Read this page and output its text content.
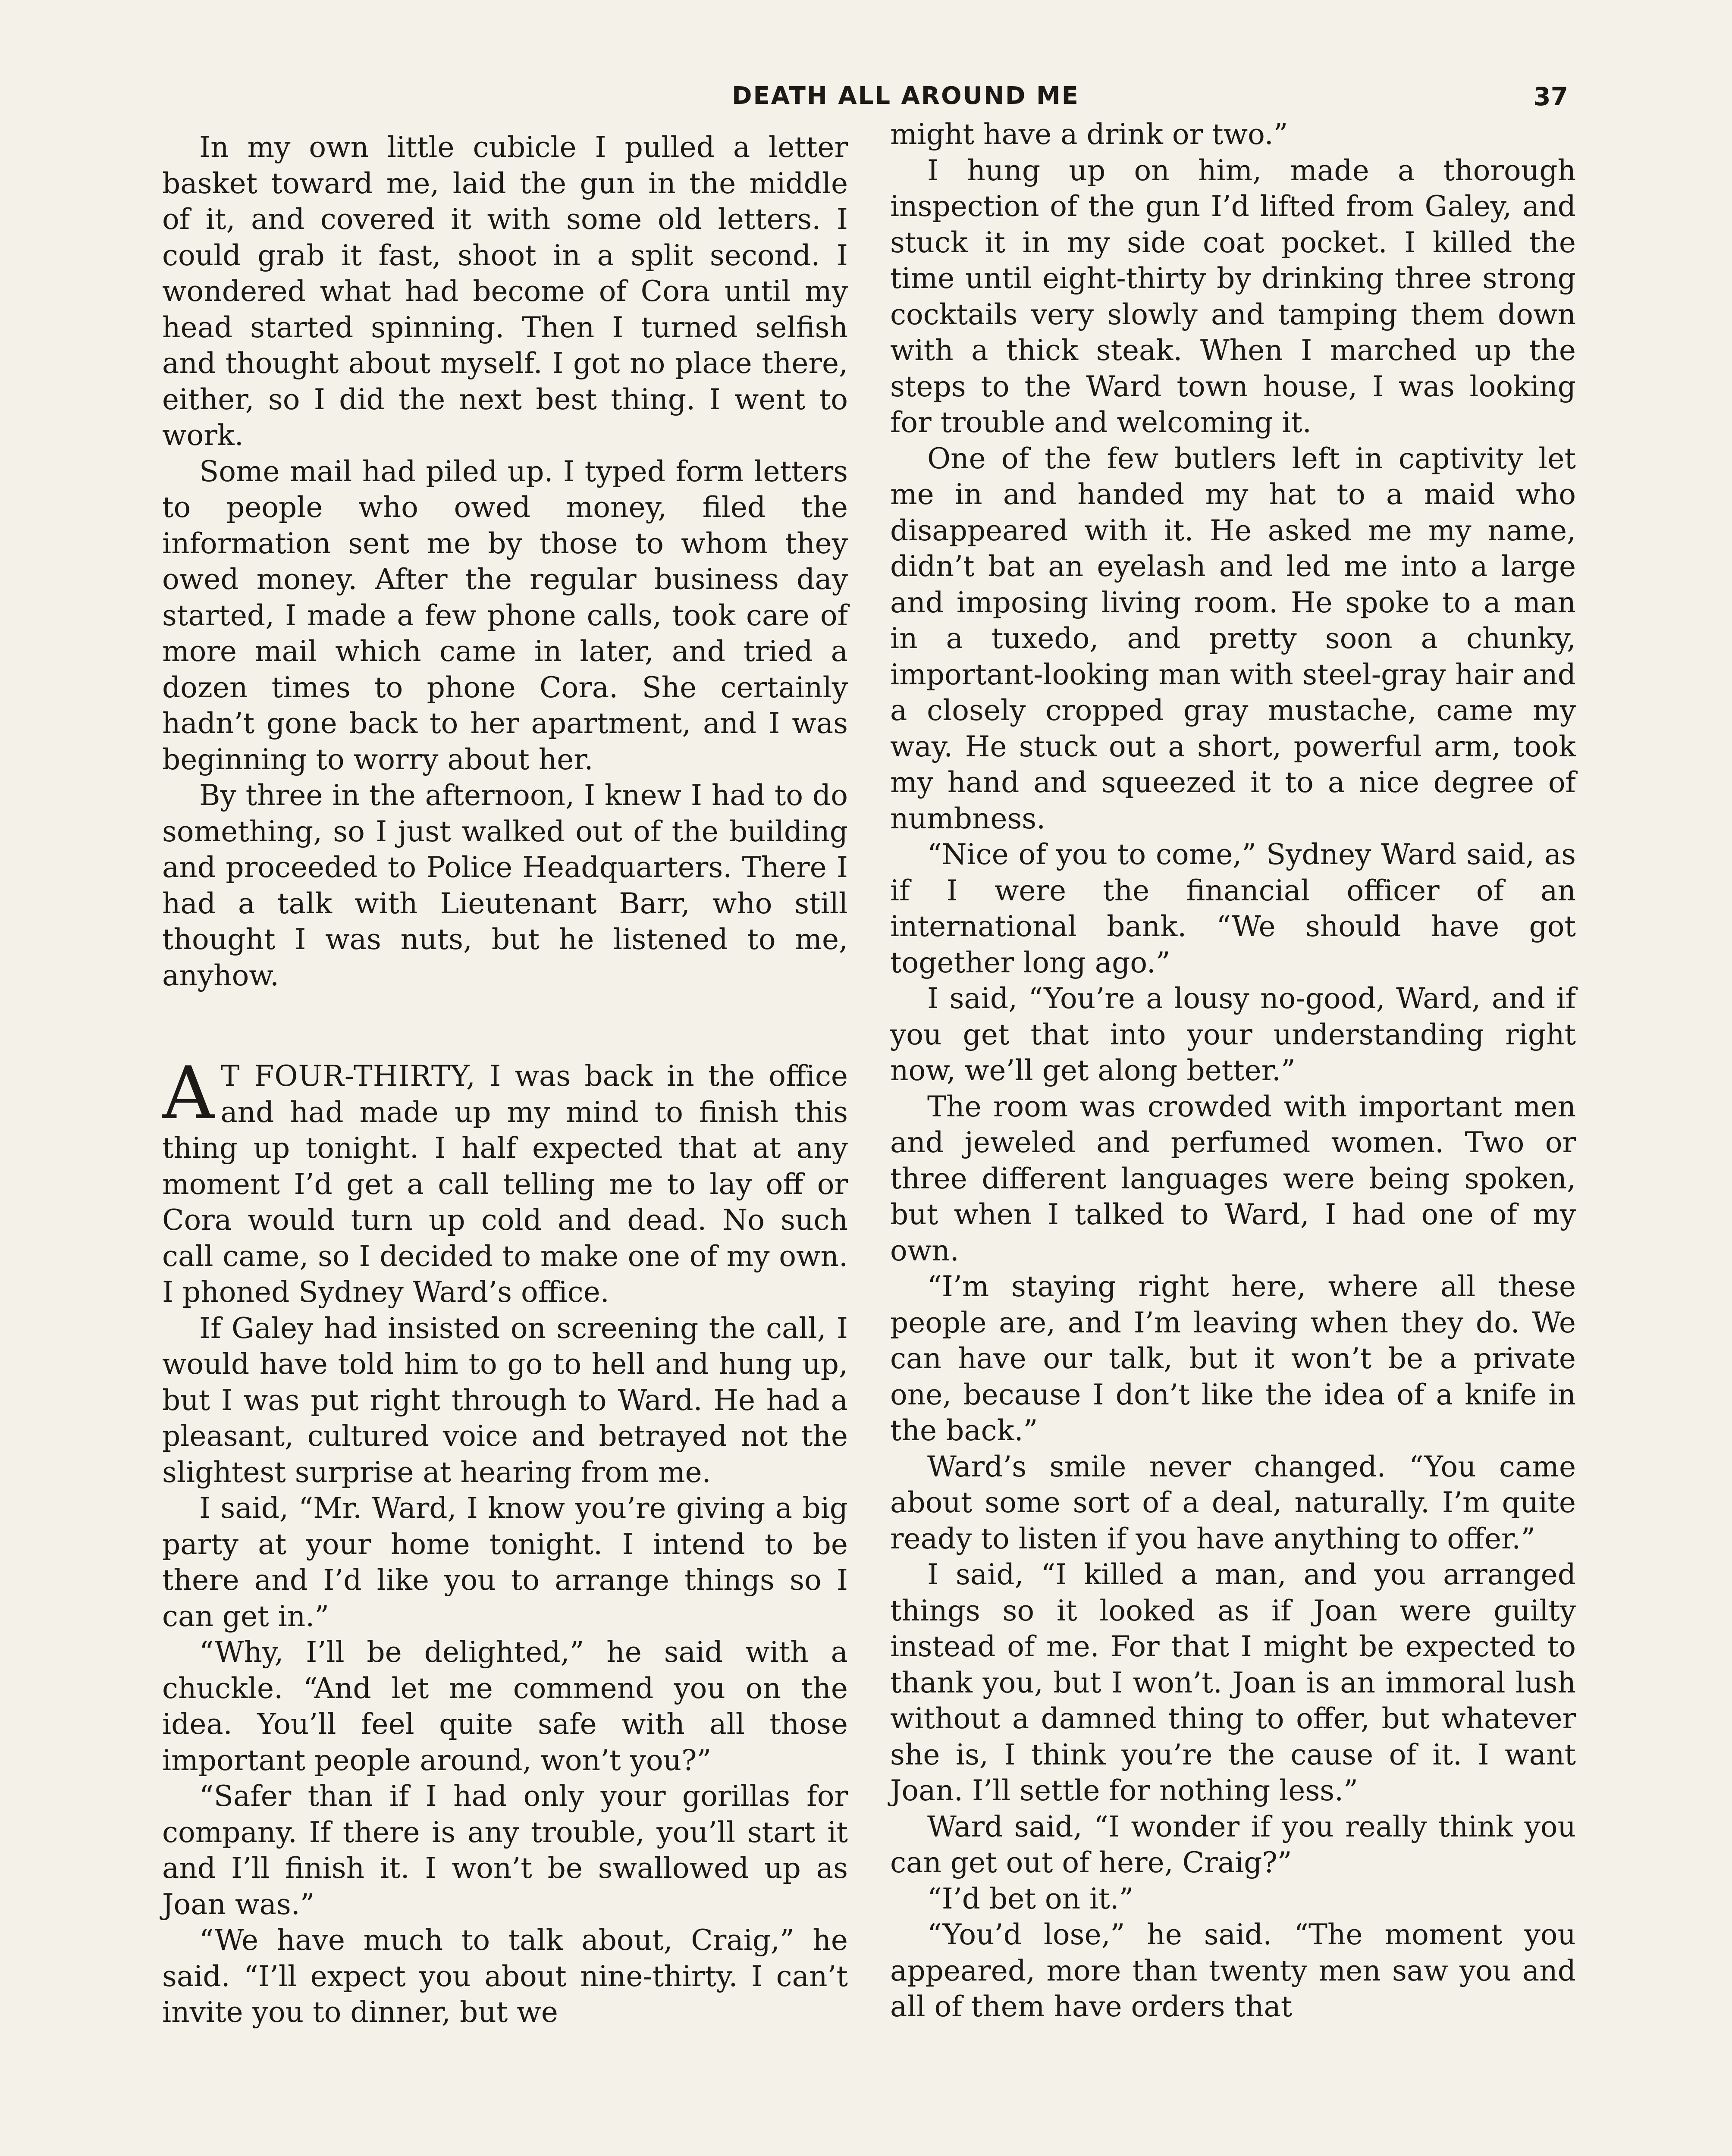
DEATH ALL AROUND ME	37

In my own little cubicle I pulled a letter basket toward me, laid the gun in the middle of it, and covered it with some old letters. I could grab it fast, shoot in a split second. I wondered what had become of Cora until my head started spinning. Then I turned selfish and thought about myself. I got no place there, either, so I did the next best thing. I went to work.

Some mail had piled up. I typed form letters to people who owed money, filed the information sent me by those to whom they owed money. After the regular business day started, I made a few phone calls, took care of more mail which came in later, and tried a dozen times to phone Cora. She certainly hadn’t gone back to her apartment, and I was beginning to worry about her.

By three in the afternoon, I knew I had to do something, so I just walked out of the building and proceeded to Police Headquarters. There I had a talk with Lieutenant Barr, who still thought I was nuts, but he listened to me, anyhow.

A T FOUR-THIRTY, I was back in the office and had made up my mind to finish this thing up tonight. I half expected that at any moment I’d get a call telling me to lay off or Cora would turn up cold and dead. No such call came, so I decided to make one of my own. I phoned Sydney Ward’s office.

If Galey had insisted on screening the call, I would have told him to go to hell and hung up, but I was put right through to Ward. He had a pleasant, cultured voice and betrayed not the slightest surprise at hearing from me.

I said, “Mr. Ward, I know you’re giving a big party at your home tonight. I intend to be there and I’d like you to arrange things so I can get in.”

“Why, I’ll be delighted,” he said with a chuckle. “And let me commend you on the idea. You’ll feel quite safe with all those important people around, won’t you?”

“Safer than if I had only your gorillas for company. If there is any trouble, you’ll start it and I’ll finish it. I won’t be swallowed up as Joan was.”

“We have much to talk about, Craig,” he said. “I’ll expect you about nine-thirty. I can’t invite you to dinner, but we

might have a drink or two.”

I hung up on him, made a thorough inspection of the gun I’d lifted from Galey, and stuck it in my side coat pocket. I killed the time until eight-thirty by drinking three strong cocktails very slowly and tamping them down with a thick steak. When I marched up the steps to the Ward town house, I was looking for trouble and welcoming it.

One of the few butlers left in captivity let me in and handed my hat to a maid who disappeared with it. He asked me my name, didn’t bat an eyelash and led me into a large and imposing living room. He spoke to a man in a tuxedo, and pretty soon a chunky, important-looking man with steel-gray hair and a closely cropped gray mustache, came my way. He stuck out a short, powerful arm, took my hand and squeezed it to a nice degree of numbness.

“Nice of you to come,” Sydney Ward said, as if I were the financial officer of an international bank. “We should have got together long ago.”

I said, “You’re a lousy no-good, Ward, and if you get that into your understanding right now, we’ll get along better.”

The room was crowded with important men and jeweled and perfumed women. Two or three different languages were being spoken, but when I talked to Ward, I had one of my own.

“I’m staying right here, where all these people are, and I’m leaving when they do. We can have our talk, but it won’t be a private one, because I don’t like the idea of a knife in the back.”

Ward’s smile never changed. “You came about some sort of a deal, naturally. I’m quite ready to listen if you have anything to offer.”

I said, “I killed a man, and you arranged things so it looked as if Joan were guilty instead of me. For that I might be expected to thank you, but I won’t. Joan is an immoral lush without a damned thing to offer, but whatever she is, I think you’re the cause of it. I want Joan. I’ll settle for nothing less.”

Ward said, “I wonder if you really think you can get out of here, Craig?”

“I’d bet on it.”

“You’d lose,” he said. “The moment you appeared, more than twenty men saw you and all of them have orders that
